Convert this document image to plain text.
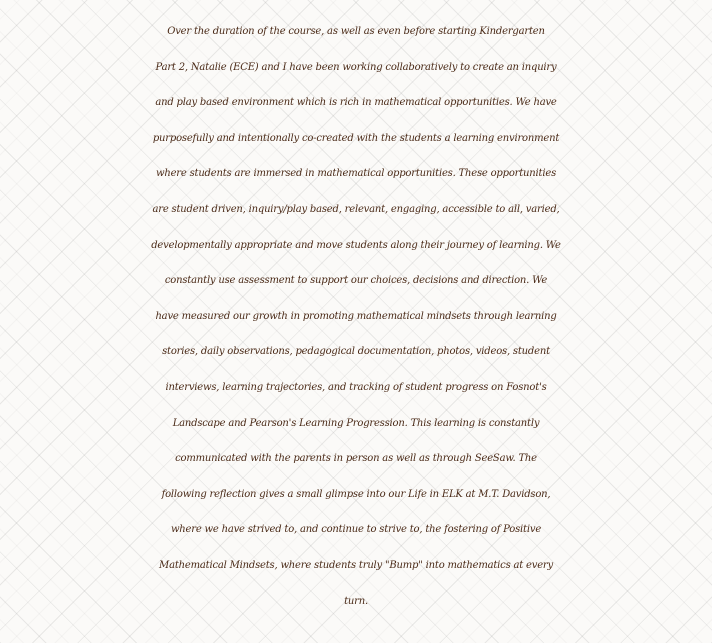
Over the duration of the course, as well as even before starting Kindergarten
Part 2, Natalie (ECE) and I have been working collaboratively to create an inquiry
and play based environment which is rich in mathematical opportunities. We have
purposefully and intentionally co-created with the students a learning environment
where students are immersed in mathematical opportunities. These opportunities
are student driven, inquiry/play based, relevant, engaging, accessible to all, varied,
developmentally appropriate and move students along their journey of learning. We
constantly use assessment to support our choices, decisions and direction. We
have measured our growth in promoting mathematical mindsets through learning
stories, daily observations, pedagogical documentation, photos, videos, student
interviews, learning trajectories, and tracking of student progress on Fosnot's
Landscape and Pearson's Learning Progression. This learning is constantly
communicated with the parents in person as well as through SeeSaw. The
following reflection gives a small glimpse into our Life in ELK at M.T. Davidson,
where we have strived to, and continue to strive to, the fostering of Positive
Mathematical Mindsets, where students truly "Bump" into mathematics at every
turn.
